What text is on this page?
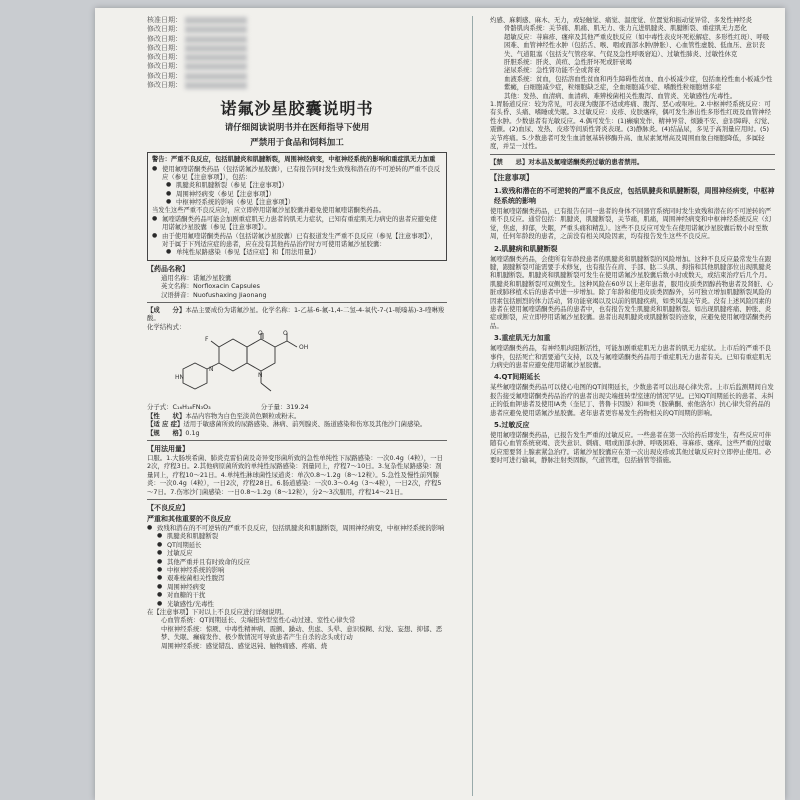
核准日期：
修改日期：
修改日期：
修改日期：
修改日期：
修改日期：
修改日期：
修改日期：
诺氟沙星胶囊说明书
请仔细阅读说明书并在医师指导下使用
严禁用于食品和饲料加工
警告：严重不良反应，包括肌腱炎和肌腱断裂，周围神经病变，中枢神经系统的影响和重症肌无力加重
● 使用氟喹诺酮类药品（包括诺氟沙星胶囊），已有报告同时发生致残和潜在的不可逆转的严重不良反应（参见【注意事项】），包括：
● 肌腱炎和肌腱断裂（参见【注意事项】）
● 周围神经病变（参见【注意事项】）
● 中枢神经系统的影响（参见【注意事项】）
当发生这些严重不良反应时，应立即停用诺氟沙星胶囊并避免使用氟喹诺酮类药品。
● 氟喹诺酮类药品可能会加剧重症肌无力患者的肌无力症状，已知有重症肌无力病史的患者应避免使用诺氟沙星胶囊（参见【注意事项】）。
● 由于使用氟喹诺酮类药品（包括诺氟沙星胶囊）已有报道发生严重不良反应（参见【注意事项】），对于属于下列适应症的患者，应在没有其他药品治疗时方可使用诺氟沙星胶囊：
● 单纯性尿路感染（参见【适应症】和【用法用量】）
【药品名称】
通用名称：诺氟沙星胶囊
英文名称：Norfloxacin Capsules
汉语拼音：Nuofushaxing Jiaonang

【成　　分】本品主要成份为诺氟沙星。化学名称：1-乙基-6-氟-1,4-二氢-4-氧代-7-(1-哌嗪基)-3-喹啉羧酸。

化学结构式：

F
O
OH
O
N
N
HN
分子式：C₁₆H₁₈FN₃O₃	分子量：319.24

【性　　状】本品内容物为白色至淡黄色颗粒或粉末。

【适 应 症】适用于敏感菌所致的尿路感染、淋病、前列腺炎、肠道感染和伤寒及其他沙门菌感染。

【规　　格】0.1g

【用法用量】

口服。1.大肠埃希菌、肺炎克雷伯菌及奇异变形菌所致的急性单纯性下尿路感染：一次0.4g（4粒），一日2次，疗程3日。2.其他病原菌所致的单纯性尿路感染：剂量同上，疗程7～10日。3.复杂性尿路感染：剂量同上，疗程10～21日。4.单纯性淋球菌性尿道炎：单次0.8～1.2g（8～12粒）。5.急性及慢性前列腺炎：一次0.4g（4粒），一日2次，疗程28日。6.肠道感染：一次0.3～0.4g（3～4粒），一日2次，疗程5～7日。7.伤寒沙门菌感染：一日0.8～1.2g（8～12粒），分2～3次服用，疗程14～21日。

【不良反应】
严重和其他重要的不良反应
● 致残和潜在的不可逆转的严重不良反应，包括肌腱炎和肌腱断裂，周围神经病变，中枢神经系统的影响
● 肌腱炎和肌腱断裂
● QT间期延长
● 过敏反应
● 其他严重并且有时致命的反应
● 中枢神经系统的影响
● 艰难梭菌相关性腹泻
● 周围神经病变
● 对血糖的干扰
● 光敏感性/光毒性

在【注意事项】下对以上不良反应进行详细说明。

心血管系统：QT间期延长、尖端扭转型室性心动过速、室性心律失常

中枢神经系统：惊厥、中毒性精神病、震颤、躁动、焦虑、头晕、意识模糊、幻觉、妄想、抑郁、恶梦、失眠、癫痫发作、极少数情况可导致患者产生自杀的念头或行动

周围神经系统：感觉错乱、感觉迟钝、触物痛感、疼痛、烧

灼感、麻刺感、麻木、无力，或轻触觉、痛觉、温度觉、位置觉和振动觉异常、多发性神经炎

骨骼肌肉系统：关节痛、肌痛、肌无力、张力亢进肌腱炎、肌腱断裂、重症肌无力恶化

超敏反应：荨麻疹、瘙痒及其他严重皮肤反应（如中毒性表皮坏死松解症、多形性红斑）、呼吸困难、血管神经性水肿（包括舌、喉、咽或面部水肿/肿胀）、心血管性虚脱、低血压、意识丧失、气道阻塞（包括支气管痉挛、气促及急性呼吸窘迫）、过敏性肺炎、过敏性休克

肝胆系统：肝炎、黄疸、急性肝坏死或肝衰竭

泌尿系统：急性肾功能不全或肾衰

血液系统：贫血，包括溶血性贫血和再生障碍性贫血、血小板减少症，包括血栓性血小板减少性紫癜，白细胞减少症，粒细胞缺乏症，全血细胞减少症、嗜酸性粒细胞增多症

其他：发热、血清病、血清病、难辨梭菌相关性腹泻、血管炎、光敏感性/光毒性。

1.胃肠道反应：较为常见，可表现为腹部不适或疼痛、腹泻、恶心或呕吐。2.中枢神经系统反应：可有头昏、头痛、嗜睡或失眠。3.过敏反应：皮疹、皮肤瘙痒，偶可发生渗出性多形性红斑及血管神经性水肿。少数患者有光敏反应。4.偶可发生：(1)癫痫发作、精神异常、烦躁不安、意识障碍、幻觉、震颤。(2)血尿、发热、皮疹等间质性肾炎表现。(3)静脉炎。(4)结晶尿，多见于高剂量应用时。(5)关节疼痛。5.少数患者可发生血清氨基转移酶升高、血尿素氮增高及周围血象白细胞降低，多属轻度，并呈一过性。

【禁　　忌】对本品及氟喹诺酮类药过敏的患者禁用。

【注意事项】
1.致残和潜在的不可逆转的严重不良反应，包括肌腱炎和肌腱断裂，周围神经病变，中枢神经系统的影响

使用氟喹诺酮类药品，已有报告在同一患者的身体不同器官系统同时发生致残和潜在的不可逆转的严重不良反应。通常包括：肌腱炎，肌腱断裂，关节痛，肌痛，周围神经病变和中枢神经系统反应（幻觉，焦虑，抑郁，失眠，严重头痛和精乱）。这些不良反应可发生在使用诺氟沙星胶囊后数小时至数周，任何年龄段的患者，之前没有相关风险因素，均有报告发生这些不良反应。

2.肌腱病和肌腱断裂

氟喹诺酮类药品，会使所有年龄段患者的肌腱炎和肌腱断裂的风险增加。这种不良反应最常发生在跟腱，跟腱断裂可能需要手术修复，也有报告在肩、手部、肱二头肌、拇指和其他肌腱部位出现肌腱炎和肌腱断裂。肌腱炎和肌腱断裂可发生在使用诺氟沙星胶囊后数小时或数天，或结束治疗后几个月。肌腱炎和肌腱断裂可双侧发生。这种风险在60岁以上老年患者，服用皮质类固醇药物患者及肾脏、心脏或肺移植术后的患者中进一步增加。除了年龄和使用皮质类固醇外，另可独立增加肌腱断裂风险的因素包括剧烈的体力活动，肾功能衰竭以及以前的肌腱疾病，如类风湿关节炎。没有上述风险因素的患者在使用氟喹诺酮类药品的患者中，也有报告发生肌腱炎和肌腱断裂。如出现肌腱疼痛、肿胀、炎症或断裂，应立即停用诺氟沙星胶囊。患者出现肌腱炎或肌腱断裂的迹象，应避免使用氟喹诺酮类药品。

3.重症肌无力加重

氟喹诺酮类药品，有神经肌肉阻断活性，可能加剧重症肌无力患者的肌无力症状。上市后的严重不良事件，包括死亡和需要通气支持，以及与氟喹诺酮类药品用于重症肌无力患者有关。已知有重症肌无力病史的患者应避免使用诺氟沙星胶囊。

4.QT间期延长

某些氟喹诺酮类药品可以使心电图的QT间期延长，少数患者可以出现心律失常。上市后监测期间自发报告接受氟喹诺酮类药品治疗的患者出现尖端扭转型室速的情况罕见。已知QT间期延长的患者、未纠正的低血钾患者及使用IA类（奎尼丁、普鲁卡因胺）和III类（胺碘酮、索他洛尔）抗心律失常药品的患者应避免使用诺氟沙星胶囊。老年患者更容易发生药物相关的QT间期的影响。

5.过敏反应

使用氟喹诺酮类药品，已报告发生严重的过敏反应。一些患者在第一次给药后即发生，有些反应可伴随有心血管系统衰竭、丧失意识、刺痛、咽或面部水肿、呼吸困难、荨麻疹、瘙痒。这些严重的过敏反应需要肾上腺素紧急治疗。诺氟沙星胶囊应在第一次出现皮疹或其他过敏反应时立即停止使用。必要时可进行输氧，静脉注射类固醇，气道管理，包括插管等措施。
